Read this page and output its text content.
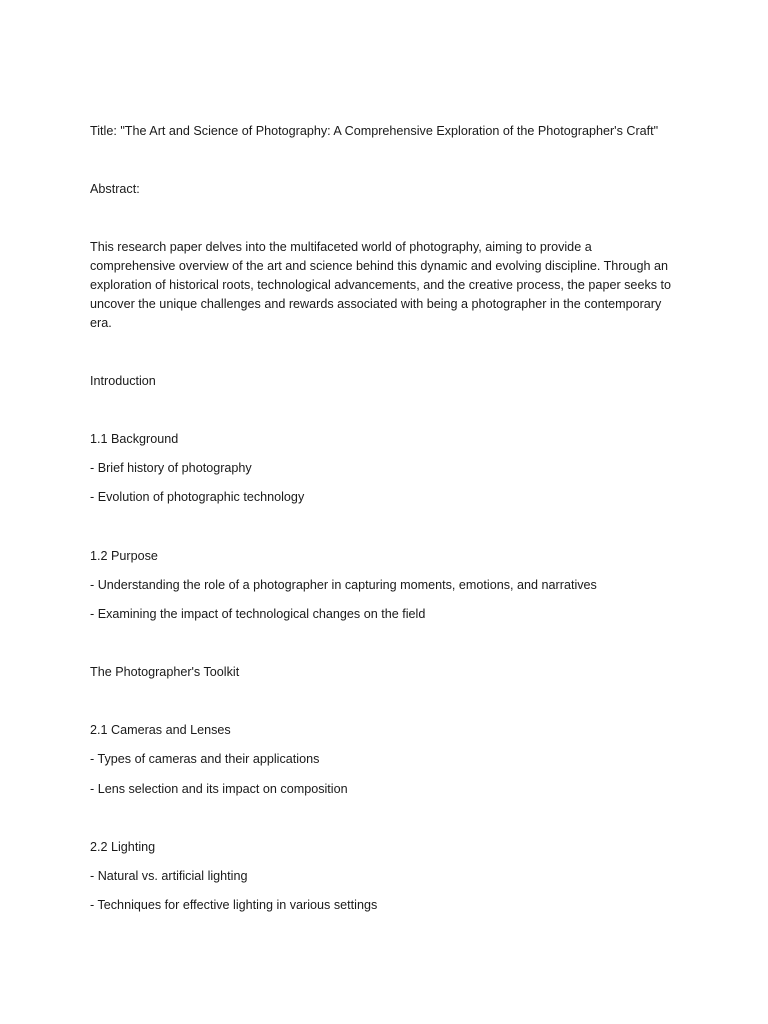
Title: "The Art and Science of Photography: A Comprehensive Exploration of the Photographer's Craft"

Abstract:

This research paper delves into the multifaceted world of photography, aiming to provide a
comprehensive overview of the art and science behind this dynamic and evolving discipline. Through an
exploration of historical roots, technological advancements, and the creative process, the paper seeks to
uncover the unique challenges and rewards associated with being a photographer in the contemporary
era.

Introduction

1.1 Background

- Brief history of photography

- Evolution of photographic technology

1.2 Purpose

- Understanding the role of a photographer in capturing moments, emotions, and narratives

- Examining the impact of technological changes on the field

The Photographer's Toolkit

2.1 Cameras and Lenses

- Types of cameras and their applications

- Lens selection and its impact on composition

2.2 Lighting

- Natural vs. artificial lighting

- Techniques for effective lighting in various settings
